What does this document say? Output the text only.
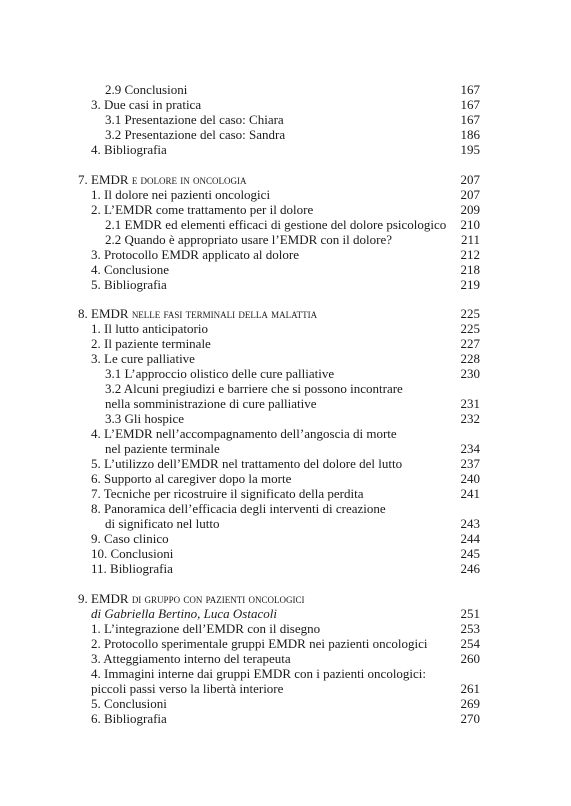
2.9 Conclusioni	167
3. Due casi in pratica	167
3.1 Presentazione del caso: Chiara	167
3.2 Presentazione del caso: Sandra	186
4. Bibliografia	195
7. EMDR e dolore in oncologia	207
1. Il dolore nei pazienti oncologici	207
2. L’EMDR come trattamento per il dolore	209
2.1 EMDR ed elementi efficaci di gestione del dolore psicologico 210
2.2 Quando è appropriato usare l’EMDR con il dolore?	211
3. Protocollo EMDR applicato al dolore	212
4. Conclusione	218
5. Bibliografia	219
8. EMDR nelle fasi terminali della malattia	225
1. Il lutto anticipatorio	225
2. Il paziente terminale	227
3. Le cure palliative	228
3.1 L’approccio olistico delle cure palliative	230
3.2 Alcuni pregiudizi e barriere che si possono incontrare
nella somministrazione di cure palliative	231
3.3 Gli hospice	232
4. L’EMDR nell’accompagnamento dell’angoscia di morte
nel paziente terminale	234
5. L’utilizzo dell’EMDR nel trattamento del dolore del lutto	237
6. Supporto al caregiver dopo la morte	240
7. Tecniche per ricostruire il significato della perdita	241
8. Panoramica dell’efficacia degli interventi di creazione
di significato nel lutto	243
9. Caso clinico	244
10. Conclusioni	245
11. Bibliografia	246
9. EMDR di gruppo con pazienti oncologici
di Gabriella Bertino, Luca Ostacoli	251
1. L’integrazione dell’EMDR con il disegno	253
2. Protocollo sperimentale gruppi EMDR nei pazienti oncologici	254
3. Atteggiamento interno del terapeuta	260
4. Immagini interne dai gruppi EMDR con i pazienti oncologici:
piccoli passi verso la libertà interiore	261
5. Conclusioni	269
6. Bibliografia	270
